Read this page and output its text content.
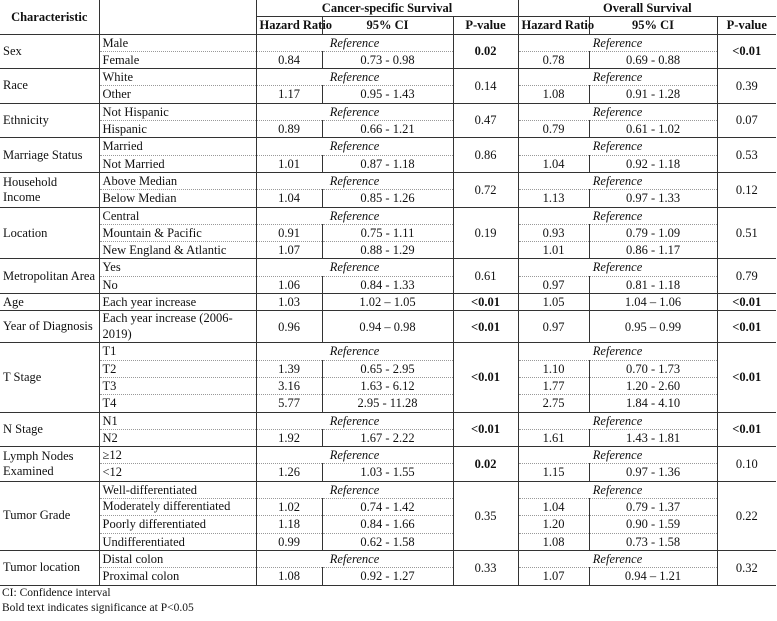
Characteristic		Cancer-specific Survival			Overall Survival		
		Hazard Ratio	95% CI	P-value	Hazard Ratio	95% CI	P-value
Sex	Male	Reference		0.02	Reference		<0.01
	Female	0.84	0.73 - 0.98		0.78	0.69 - 0.88	
Race	White	Reference		0.14	Reference		0.39
	Other	1.17	0.95 - 1.43		1.08	0.91 - 1.28	
Ethnicity	Not Hispanic	Reference		0.47	Reference		0.07
	Hispanic	0.89	0.66 - 1.21		0.79	0.61 - 1.02	
Marriage Status	Married	Reference		0.86	Reference		0.53
	Not Married	1.01	0.87 - 1.18		1.04	0.92 - 1.18	
Household Income	Above Median	Reference		0.72	Reference		0.12
	Below Median	1.04	0.85 - 1.26		1.13	0.97 - 1.33	
Location	Central	Reference		0.19	Reference		0.51
	Mountain & Pacific	0.91	0.75 - 1.11		0.93	0.79 - 1.09	
	New England & Atlantic	1.07	0.88 - 1.29		1.01	0.86 - 1.17	
Metropolitan Area	Yes	Reference		0.61	Reference		0.79
	No	1.06	0.84 - 1.33		0.97	0.81 - 1.18	
Age	Each year increase	1.03	1.02 – 1.05	<0.01	1.05	1.04 – 1.06	<0.01
Year of Diagnosis	Each year increase (2006-2019)	0.96	0.94 – 0.98	<0.01	0.97	0.95 – 0.99	<0.01
T Stage	T1	Reference		<0.01	Reference		<0.01
	T2	1.39	0.65 - 2.95		1.10	0.70 - 1.73	
	T3	3.16	1.63 - 6.12		1.77	1.20 - 2.60	
	T4	5.77	2.95 - 11.28		2.75	1.84 - 4.10	
N Stage	N1	Reference		<0.01	Reference		<0.01
	N2	1.92	1.67 - 2.22		1.61	1.43 - 1.81	
Lymph Nodes Examined	≥12	Reference		0.02	Reference		0.10
	<12	1.26	1.03 - 1.55		1.15	0.97 - 1.36	
Tumor Grade	Well-differentiated	Reference		0.35	Reference		0.22
	Moderately differentiated	1.02	0.74 - 1.42		1.04	0.79 - 1.37	
	Poorly differentiated	1.18	0.84 - 1.66		1.20	0.90 - 1.59	
	Undifferentiated	0.99	0.62 - 1.58		1.08	0.73 - 1.58	
Tumor location	Distal colon	Reference		0.33	Reference		0.32
	Proximal colon	1.08	0.92 - 1.27		1.07	0.94 – 1.21	
CI: Confidence interval
Bold text indicates significance at P<0.05
